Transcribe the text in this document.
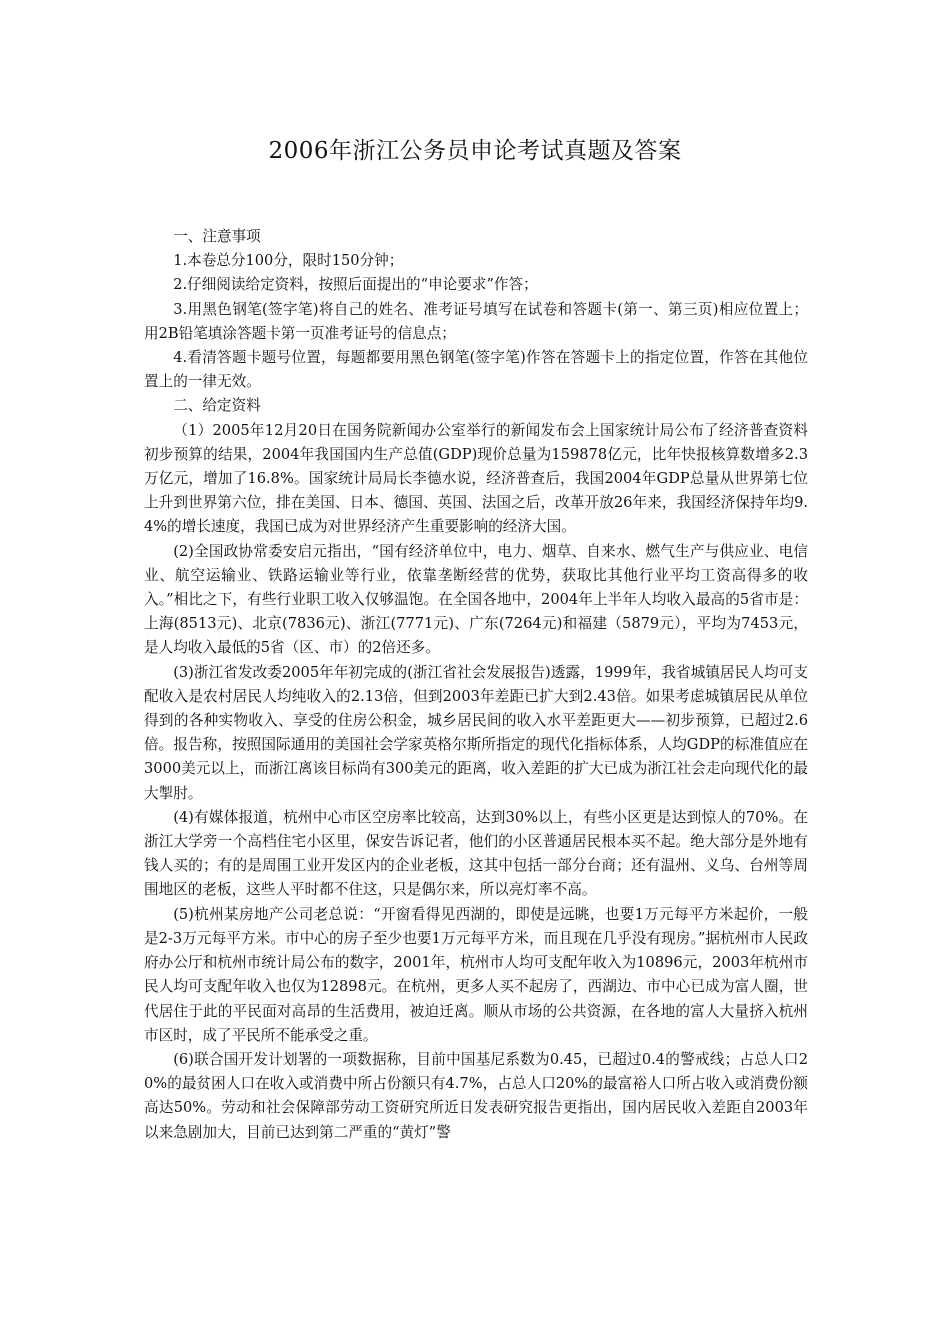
2006年浙江公务员申论考试真题及答案

一、注意事项

1.本卷总分100分，限时150分钟；

2.仔细阅读给定资料，按照后面提出的“申论要求”作答；

3.用黑色钢笔(签字笔)将自己的姓名、准考证号填写在试卷和答题卡(第一、第三页)相应位置上；用2B铅笔填涂答题卡第一页准考证号的信息点；

4.看清答题卡题号位置，每题都要用黑色钢笔(签字笔)作答在答题卡上的指定位置，作答在其他位置上的一律无效。

二、给定资料

（1）2005年12月20日在国务院新闻办公室举行的新闻发布会上国家统计局公布了经济普查资料初步预算的结果，2004年我国国内生产总值(GDP)现价总量为159878亿元，比年快报核算数增多2.3万亿元，增加了16.8%。国家统计局局长李德水说，经济普查后，我国2004年GDP总量从世界第七位上升到世界第六位，排在美国、日本、德国、英国、法国之后，改革开放26年来，我国经济保持年均9.4%的增长速度，我国已成为对世界经济产生重要影响的经济大国。

(2)全国政协常委安启元指出，“国有经济单位中，电力、烟草、自来水、燃气生产与供应业、电信业、航空运输业、铁路运输业等行业，依靠垄断经营的优势，获取比其他行业平均工资高得多的收入。”相比之下，有些行业职工收入仅够温饱。在全国各地中，2004年上半年人均收入最高的5省市是：上海(8513元)、北京(7836元)、浙江(7771元)、广东(7264元)和福建（5879元），平均为7453元，是人均收入最低的5省（区、市）的2倍还多。

(3)浙江省发改委2005年年初完成的(浙江省社会发展报告)透露，1999年，我省城镇居民人均可支配收入是农村居民人均纯收入的2.13倍，但到2003年差距已扩大到2.43倍。如果考虑城镇居民从单位得到的各种实物收入、享受的住房公积金，城乡居民间的收入水平差距更大——初步预算，已超过2.6倍。报告称，按照国际通用的美国社会学家英格尔斯所指定的现代化指标体系，人均GDP的标准值应在3000美元以上，而浙江离该目标尚有300美元的距离，收入差距的扩大已成为浙江社会走向现代化的最大掣肘。

(4)有媒体报道，杭州中心市区空房率比较高，达到30%以上，有些小区更是达到惊人的70%。在浙江大学旁一个高档住宅小区里，保安告诉记者，他们的小区普通居民根本买不起。绝大部分是外地有钱人买的；有的是周围工业开发区内的企业老板，这其中包括一部分台商；还有温州、义乌、台州等周围地区的老板，这些人平时都不住这，只是偶尔来，所以亮灯率不高。

(5)杭州某房地产公司老总说：“开窗看得见西湖的，即使是远眺，也要1万元每平方米起价，一般是2-3万元每平方米。市中心的房子至少也要1万元每平方米，而且现在几乎没有现房。”据杭州市人民政府办公厅和杭州市统计局公布的数字，2001年，杭州市人均可支配年收入为10896元，2003年杭州市民人均可支配年收入也仅为12898元。在杭州，更多人买不起房了，西湖边、市中心已成为富人圈，世代居住于此的平民面对高昂的生活费用，被迫迁离。顺从市场的公共资源，在各地的富人大量挤入杭州市区时，成了平民所不能承受之重。

(6)联合国开发计划署的一项数据称，目前中国基尼系数为0.45，已超过0.4的警戒线；占总人口20%的最贫困人口在收入或消费中所占份额只有4.7%，占总人口20%的最富裕人口所占收入或消费份额高达50%。劳动和社会保障部劳动工资研究所近日发表研究报告更指出，国内居民收入差距自2003年以来急剧加大，目前已达到第二严重的“黄灯”警
